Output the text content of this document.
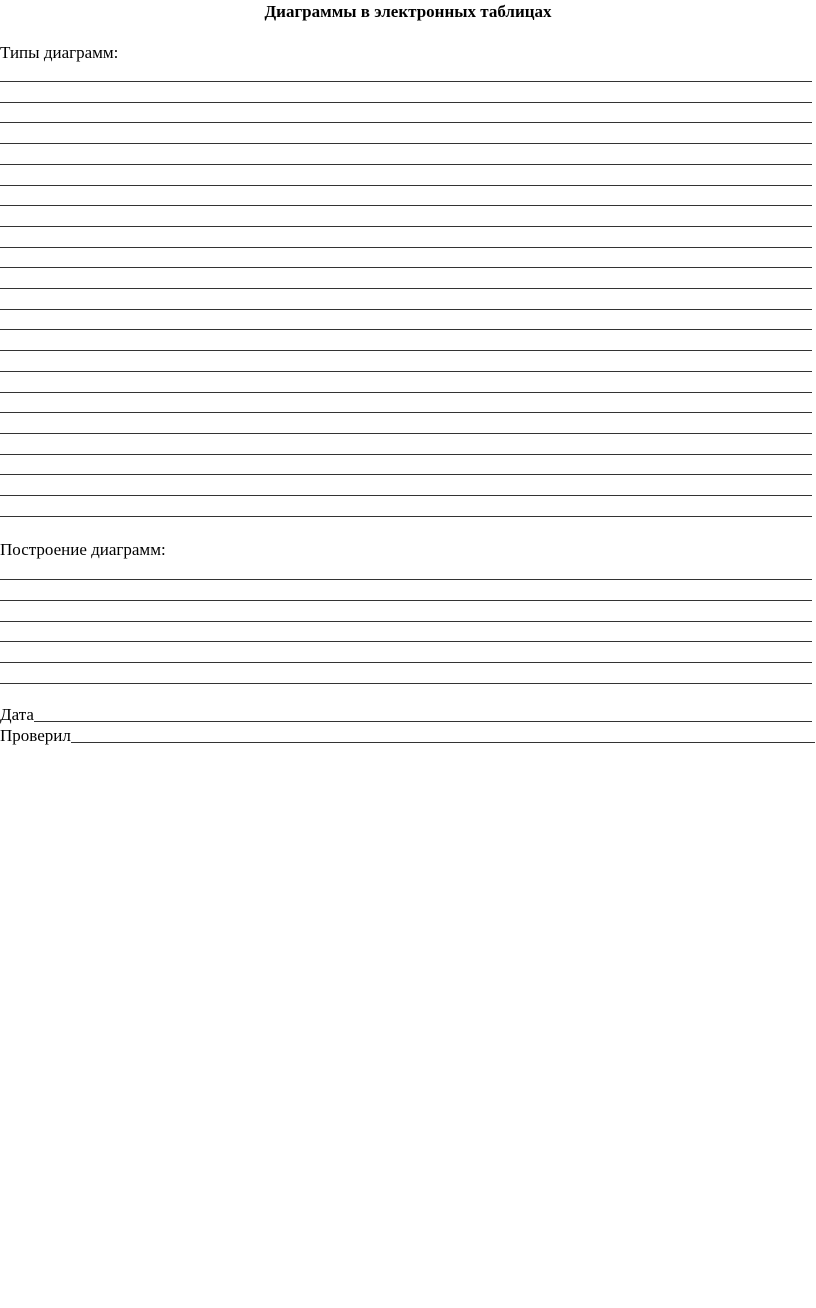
Диаграммы в электронных таблицах
Типы диаграмм:
Построение диаграмм:
Дата
Проверил
